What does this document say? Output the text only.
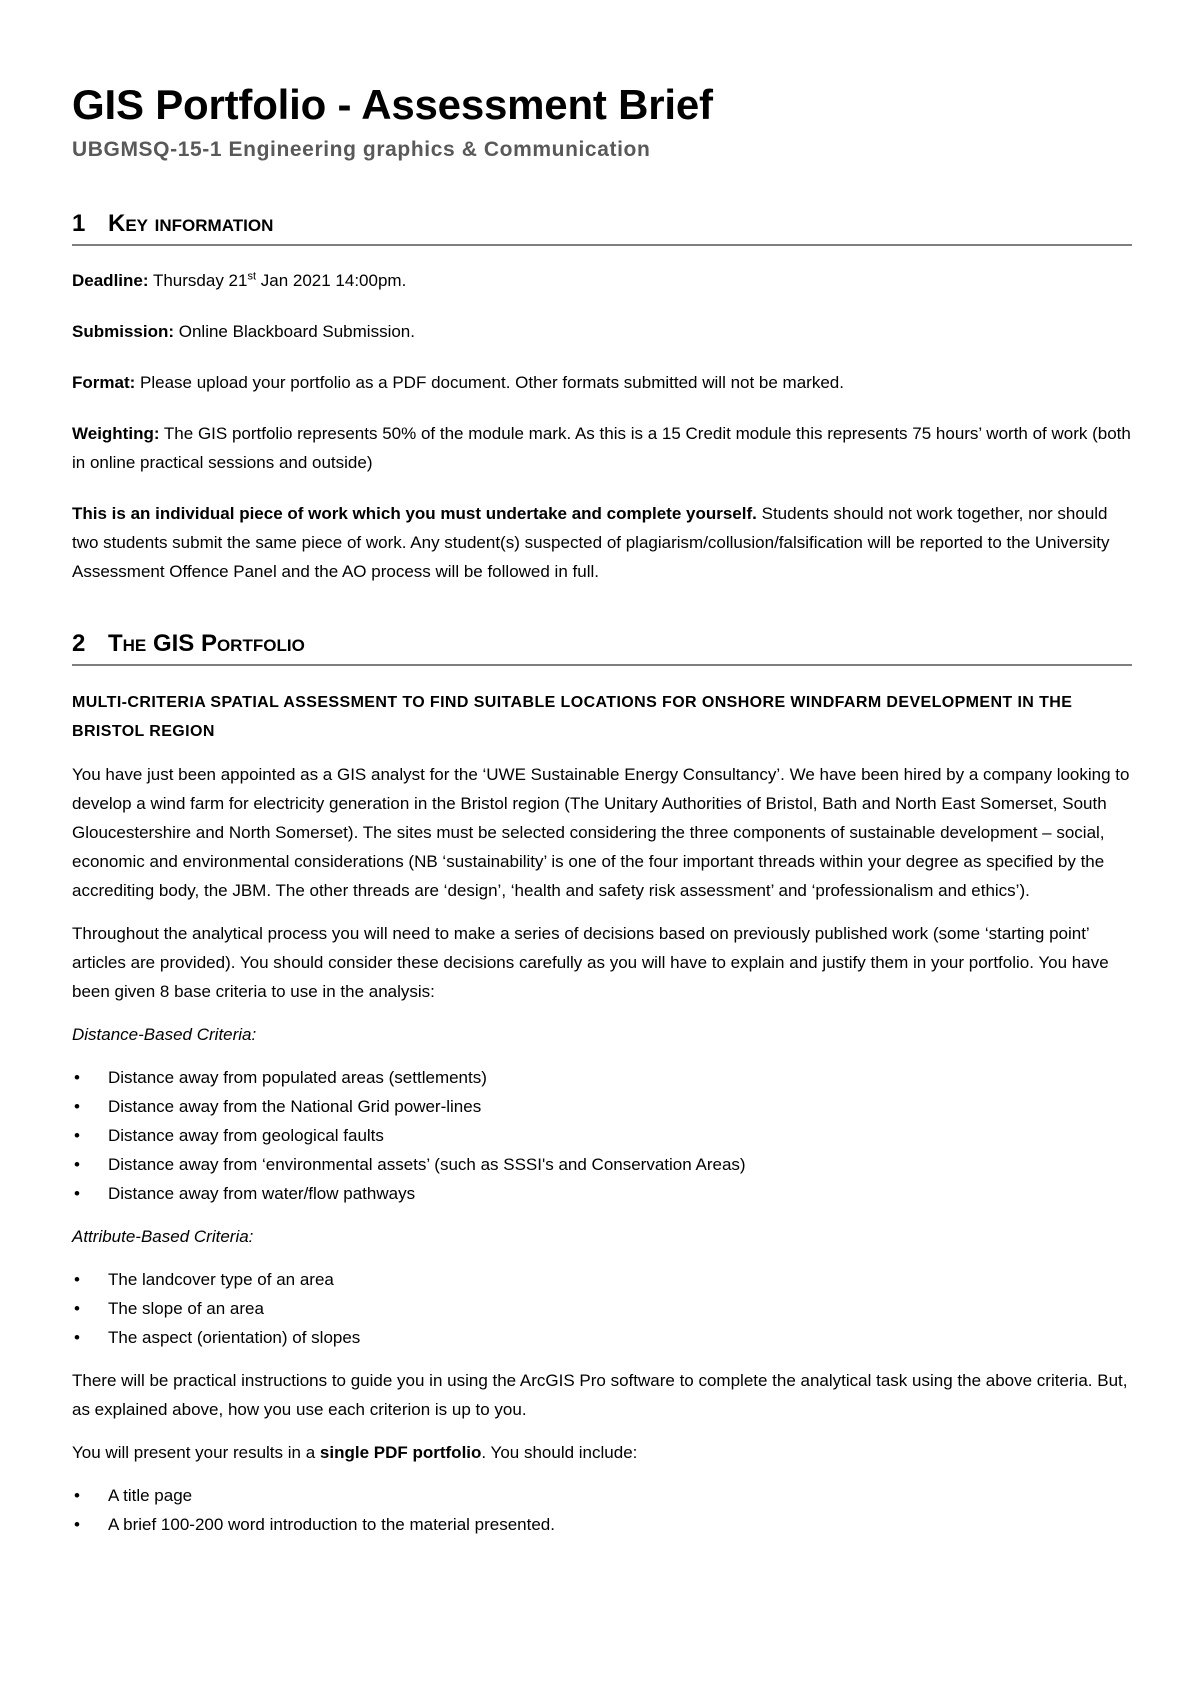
GIS Portfolio - Assessment Brief
UBGMSQ-15-1 Engineering graphics & Communication
1 Key information

Deadline: Thursday 21st Jan 2021 14:00pm.

Submission: Online Blackboard Submission.

Format: Please upload your portfolio as a PDF document. Other formats submitted will not be marked.

Weighting: The GIS portfolio represents 50% of the module mark. As this is a 15 Credit module this represents 75 hours’ worth of work (both in online practical sessions and outside)

This is an individual piece of work which you must undertake and complete yourself. Students should not work together, nor should two students submit the same piece of work. Any student(s) suspected of plagiarism/collusion/falsification will be reported to the University Assessment Offence Panel and the AO process will be followed in full.

2 The GIS Portfolio

MULTI-CRITERIA SPATIAL ASSESSMENT TO FIND SUITABLE LOCATIONS FOR ONSHORE WINDFARM DEVELOPMENT IN THE BRISTOL REGION

You have just been appointed as a GIS analyst for the ‘UWE Sustainable Energy Consultancy’. We have been hired by a company looking to develop a wind farm for electricity generation in the Bristol region (The Unitary Authorities of Bristol, Bath and North East Somerset, South Gloucestershire and North Somerset). The sites must be selected considering the three components of sustainable development – social, economic and environmental considerations (NB ‘sustainability’ is one of the four important threads within your degree as specified by the accrediting body, the JBM. The other threads are ‘design’, ‘health and safety risk assessment’ and ‘professionalism and ethics’).

Throughout the analytical process you will need to make a series of decisions based on previously published work (some ‘starting point’ articles are provided). You should consider these decisions carefully as you will have to explain and justify them in your portfolio. You have been given 8 base criteria to use in the analysis:

Distance-Based Criteria:

• Distance away from populated areas (settlements)
• Distance away from the National Grid power-lines
• Distance away from geological faults
• Distance away from ‘environmental assets’ (such as SSSI's and Conservation Areas)
• Distance away from water/flow pathways

Attribute-Based Criteria:

• The landcover type of an area
• The slope of an area
• The aspect (orientation) of slopes

There will be practical instructions to guide you in using the ArcGIS Pro software to complete the analytical task using the above criteria. But, as explained above, how you use each criterion is up to you.

You will present your results in a single PDF portfolio. You should include:

• A title page
• A brief 100-200 word introduction to the material presented.
